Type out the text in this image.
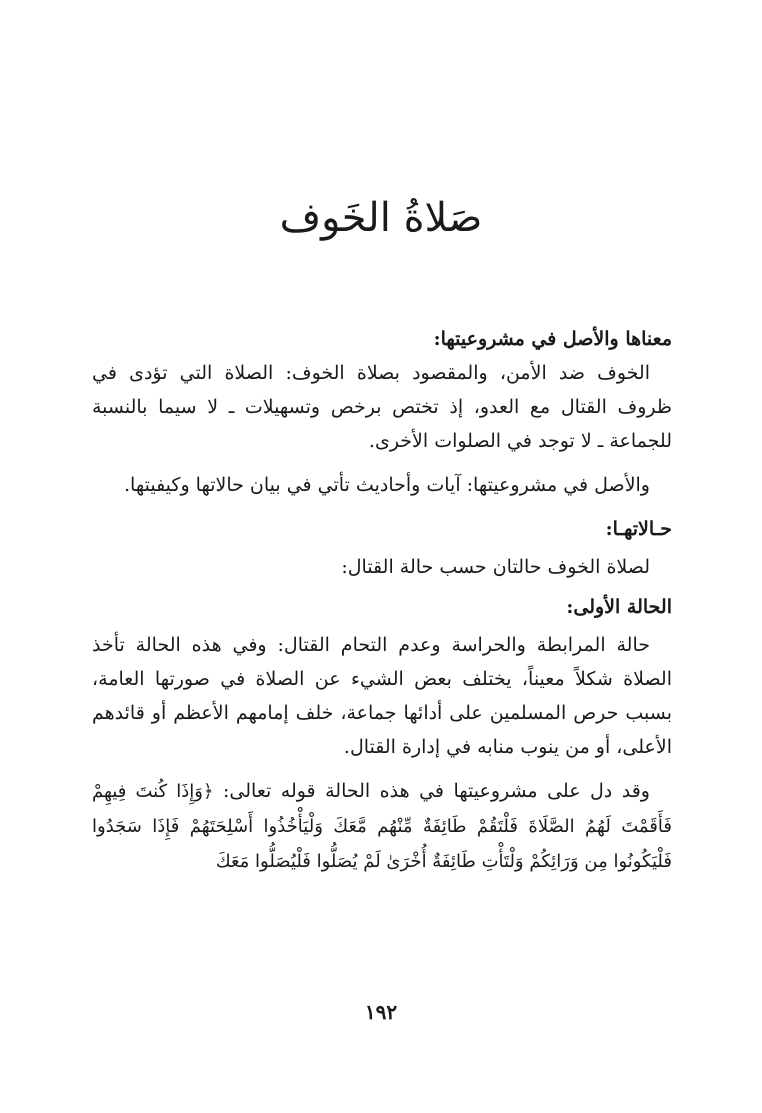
صَلاةُ الخَوف

معناها والأصل في مشروعيتها:

الخوف ضد الأمن، والمقصود بصلاة الخوف: الصلاة التي تؤدى في ظروف القتال مع العدو، إذ تختص برخص وتسهيلات ـ لا سيما بالنسبة للجماعة ـ لا توجد في الصلوات الأخرى.

والأصل في مشروعيتها: آيات وأحاديث تأتي في بيان حالاتها وكيفيتها.

حـالاتهـا:

لصلاة الخوف حالتان حسب حالة القتال:

الحالة الأولى:

حالة المرابطة والحراسة وعدم التحام القتال: وفي هذه الحالة تأخذ الصلاة شكلاً معيناً، يختلف بعض الشيء عن الصلاة في صورتها العامة، بسبب حرص المسلمين على أدائها جماعة، خلف إمامهم الأعظم أو قائدهم الأعلى، أو من ينوب منابه في إدارة القتال.

وقد دل على مشروعيتها في هذه الحالة قوله تعالى: ﴿وَإِذَا كُنتَ فِيهِمْ فَأَقَمْتَ لَهُمُ الصَّلَاةَ فَلْتَقُمْ طَائِفَةٌ مِّنْهُم مَّعَكَ وَلْيَأْخُذُوا أَسْلِحَتَهُمْ فَإِذَا سَجَدُوا فَلْيَكُونُوا مِن وَرَائِكُمْ وَلْتَأْتِ طَائِفَةٌ أُخْرَىٰ لَمْ يُصَلُّوا فَلْيُصَلُّوا مَعَكَ

١٩٢
